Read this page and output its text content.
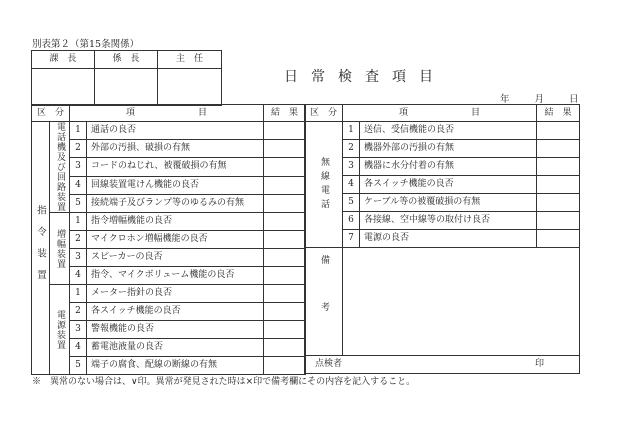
別表第２（第15条関係）
課　長	係　長	主　任

日常検査項目
年　　月　　日
区　分		項　　　　　　　目		結　果

指令装置	電話機及び回路装置	1	通話の良否	
		2	外部の汚損、破損の有無	
		3	コードのねじれ、被覆破損の有無	
		4	回線装置電けん機能の良否	
		5	接続端子及びランプ等のゆるみの有無	

	増幅装置	1	指令増幅機能の良否	
		2	マイクロホン増幅機能の良否	
		3	スピーカーの良否	
		4	指令、マイクボリューム機能の良否	

	電源装置	1	メーター指針の良否	
		2	各スイッチ機能の良否	
		3	警報機能の良否	
		4	蓄電池液量の良否	
		5	端子の腐食、配線の断線の有無	
区　分	項　　　　　　　目		結　果

無線電話	1	送信、受信機能の良否	
	2	機器外部の汚損の有無	
	3	機器に水分付着の有無	
	4	各スイッチ機能の良否	
	5	ケーブル等の被覆破損の有無	
	6	各接線、空中線等の取付け良否	
	7	電源の良否	

備考			

点検者 印			
※　異常のない場合は、∨印。異常が発見された時は×印で備考欄にその内容を記入すること。
